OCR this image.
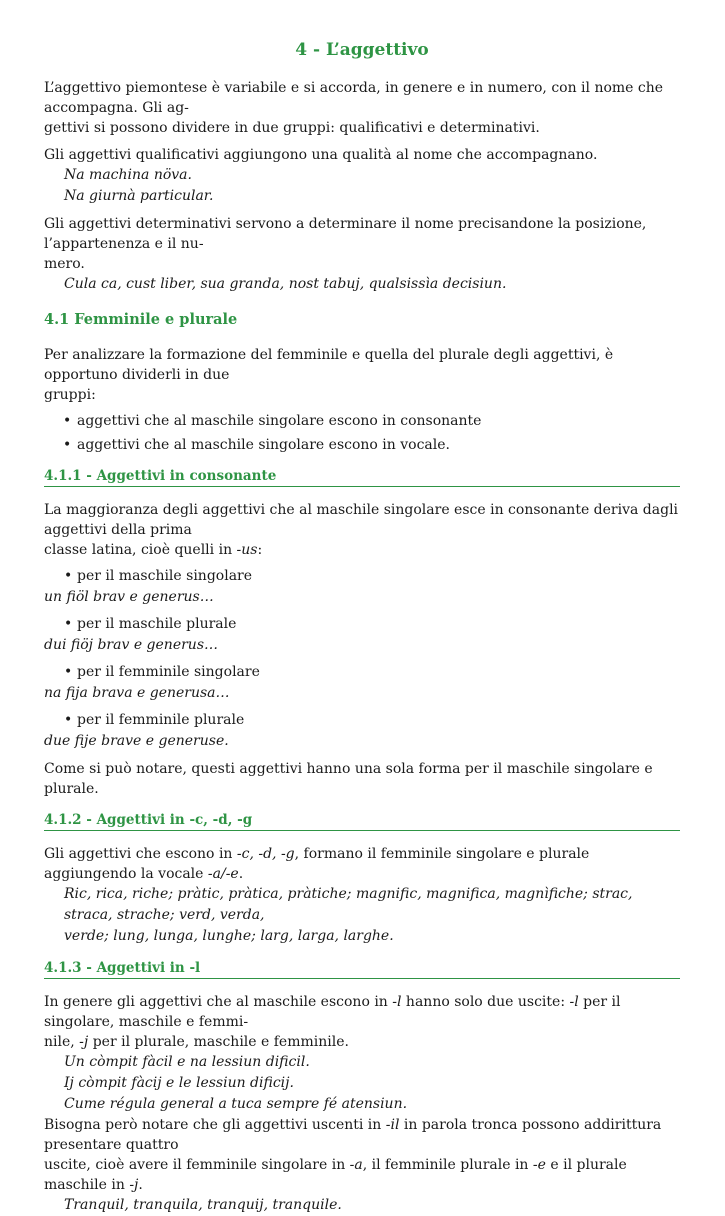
4 - L’aggettivo

L’aggettivo piemontese è variabile e si accorda, in genere e in numero, con il nome che accompagna. Gli ag-

gettivi si possono dividere in due gruppi: qualificativi e determinativi.

Gli aggettivi qualificativi aggiungono una qualità al nome che accompagnano.

Na machina növa.
Na giurnà particular.

Gli aggettivi determinativi servono a determinare il nome precisandone la posizione, l’appartenenza e il nu-

mero.

Cula ca, cust liber, sua granda, nost tabuj, qualsissìa decisiun.
4.1 Femminile e plurale

Per analizzare la formazione del femminile e quella del plurale degli aggettivi, è opportuno dividerli in due

gruppi:

• aggettivi che al maschile singolare escono in consonante
• aggettivi che al maschile singolare escono in vocale.
4.1.1 - Aggettivi in consonante

La maggioranza degli aggettivi che al maschile singolare esce in consonante deriva dagli aggettivi della prima

classe latina, cioè quelli in -us:

• per il maschile singolare
un fiöl brav e generus…
• per il maschile plurale
dui fiöj brav e generus…
• per il femminile singolare
na fija brava e generusa…
• per il femminile plurale
due fije brave e generuse.

Come si può notare, questi aggettivi hanno una sola forma per il maschile singolare e plurale.

4.1.2 - Aggettivi in -c, -d, -g

Gli aggettivi che escono in -c, -d, -g, formano il femminile singolare e plurale aggiungendo la vocale -a/-e.

Ric, rica, riche; pràtic, pràtica, pràtiche; magnific, magnifica, magnìfiche; strac, straca, strache; verd, verda,
verde; lung, lunga, lunghe; larg, larga, larghe.
4.1.3 - Aggettivi in -l

In genere gli aggettivi che al maschile escono in -l hanno solo due uscite: -l per il singolare, maschile e femmi-

nile, -j per il plurale, maschile e femminile.

Un còmpit fàcil e na lessiun dificil.
Ij còmpit fàcij e le lessiun dificij.
Cume régula general a tuca sempre fé atensiun.

Bisogna però notare che gli aggettivi uscenti in -il in parola tronca possono addirittura presentare quattro

uscite, cioè avere il femminile singolare in -a, il femminile plurale in -e e il plurale maschile in -j.

Tranquil, tranquila, tranquij, tranquile.
